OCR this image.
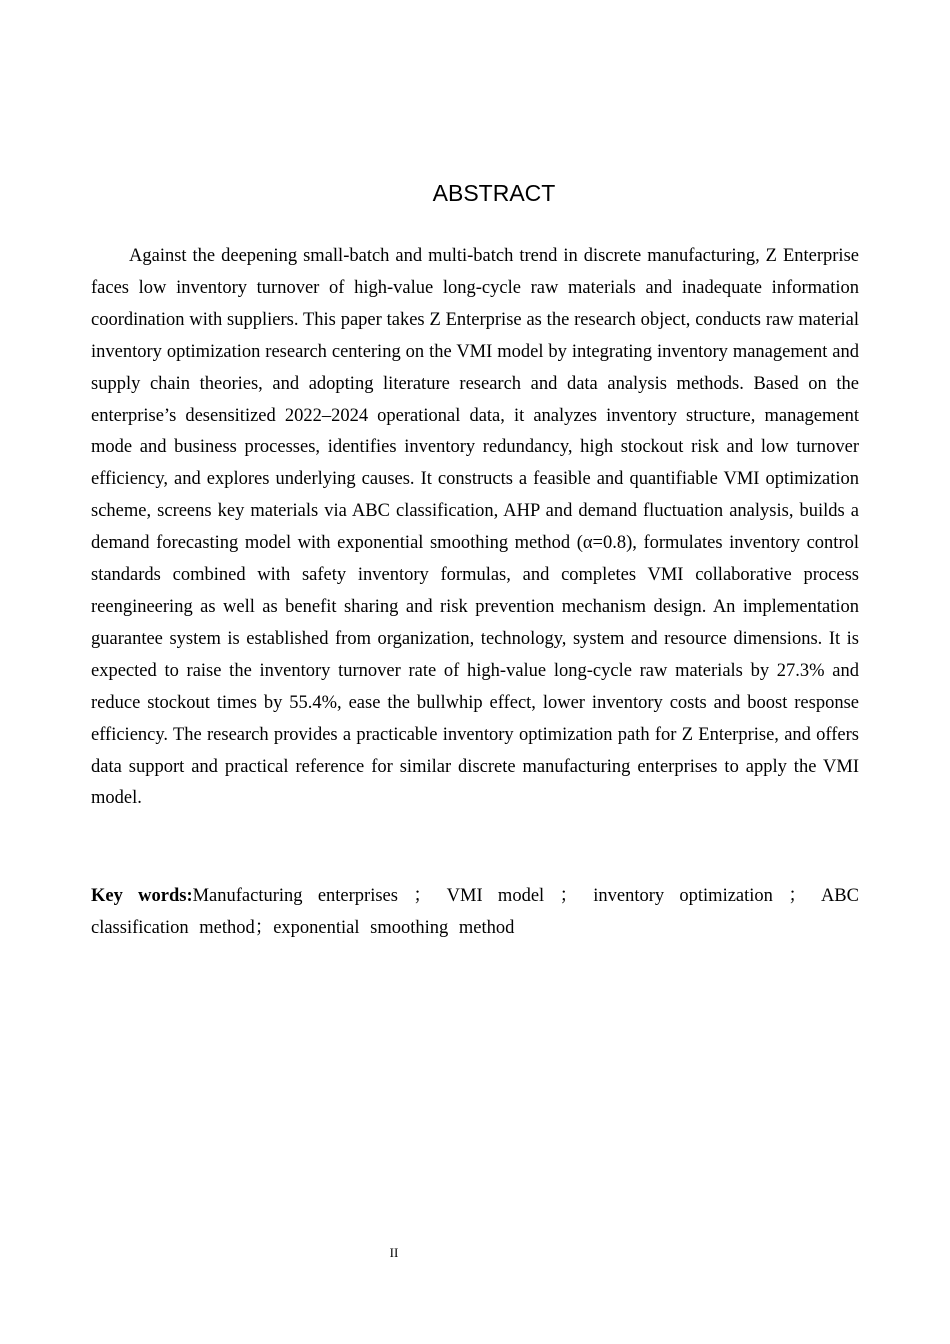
ABSTRACT

Against the deepening small-batch and multi-batch trend in discrete manufacturing, Z Enterprise faces low inventory turnover of high-value long-cycle raw materials and inadequate information coordination with suppliers. This paper takes Z Enterprise as the research object, conducts raw material inventory optimization research centering on the VMI model by integrating inventory management and supply chain theories, and adopting literature research and data analysis methods. Based on the enterprise’s desensitized 2022–2024 operational data, it analyzes inventory structure, management mode and business processes, identifies inventory redundancy, high stockout risk and low turnover efficiency, and explores underlying causes. It constructs a feasible and quantifiable VMI optimization scheme, screens key materials via ABC classification, AHP and demand fluctuation analysis, builds a demand forecasting model with exponential smoothing method (α=0.8), formulates inventory control standards combined with safety inventory formulas, and completes VMI collaborative process reengineering as well as benefit sharing and risk prevention mechanism design. An implementation guarantee system is established from organization, technology, system and resource dimensions. It is expected to raise the inventory turnover rate of high-value long-cycle raw materials by 27.3% and reduce stockout times by 55.4%, ease the bullwhip effect, lower inventory costs and boost response efficiency. The research provides a practicable inventory optimization path for Z Enterprise, and offers data support and practical reference for similar discrete manufacturing enterprises to apply the VMI model.

Key words:Manufacturing enterprises ； VMI model ； inventory optimization ； ABC classification method；exponential smoothing method

II
